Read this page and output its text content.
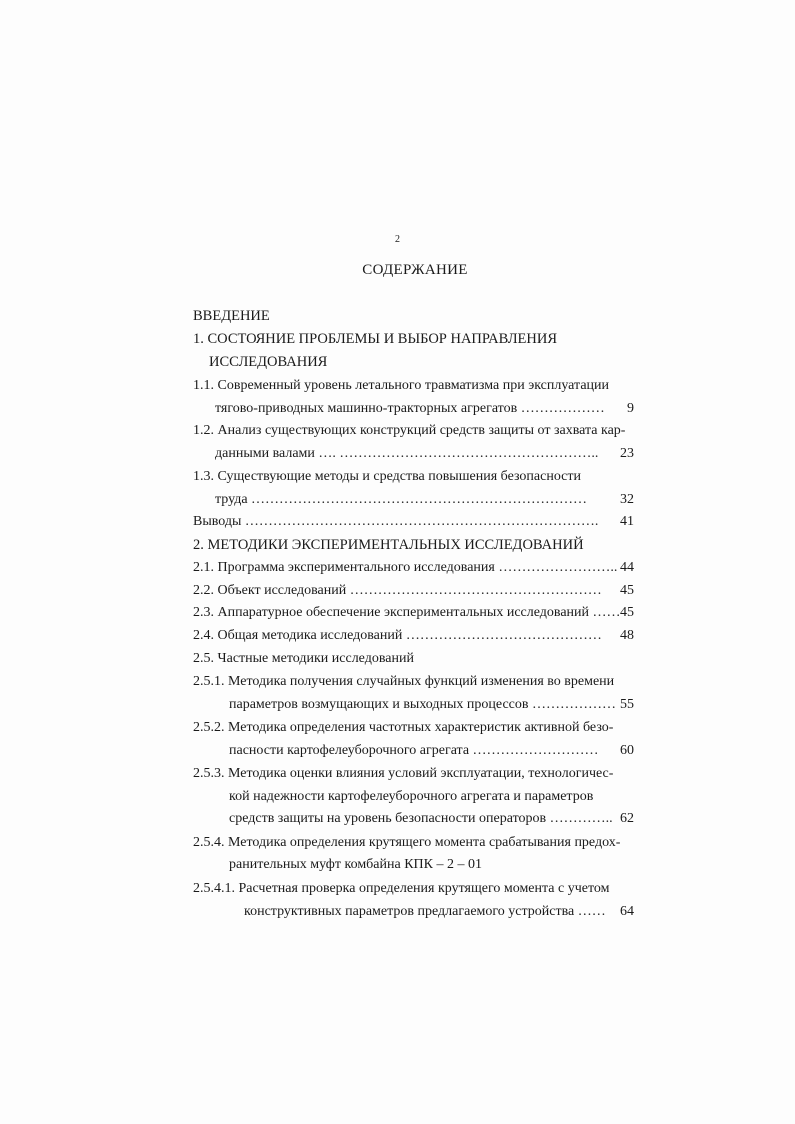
2
СОДЕРЖАНИЕ
ВВЕДЕНИЕ
1. СОСТОЯНИЕ ПРОБЛЕМЫ И ВЫБОР НАПРАВЛЕНИЯ
ИССЛЕДОВАНИЯ
1.1. Современный уровень летального травматизма при эксплуатации
тягово-приводных машинно-тракторных агрегатов ………………	9
1.2. Анализ существующих конструкций средств защиты от захвата кар-
данными валами …. ………………………………………………..	23
1.3. Существующие методы и средства повышения безопасности
труда ………………………………………………………………	32
Выводы ………………………………………………………………….	41
2. МЕТОДИКИ ЭКСПЕРИМЕНТАЛЬНЫХ ИССЛЕДОВАНИЙ
2.1. Программа экспериментального исследования …………………….. 44
2.2. Объект исследований ………………………………………………	45
2.3. Аппаратурное обеспечение экспериментальных исследований …… 45
2.4. Общая методика исследований ……………………………………	48
2.5. Частные методики исследований
2.5.1. Методика получения случайных функций изменения во времени
параметров возмущающих и выходных процессов ……………… 55
2.5.2. Методика определения частотных характеристик активной безо-
пасности картофелеуборочного агрегата ………………………	60
2.5.3. Методика оценки влияния условий эксплуатации, технологичес-
кой надежности картофелеуборочного агрегата и параметров
средств защиты на уровень безопасности операторов ………….. 62
2.5.4. Методика определения крутящего момента срабатывания предох-
ранительных муфт комбайна КПК – 2 – 01
2.5.4.1. Расчетная проверка определения крутящего момента с учетом
конструктивных параметров предлагаемого устройства ……	64
